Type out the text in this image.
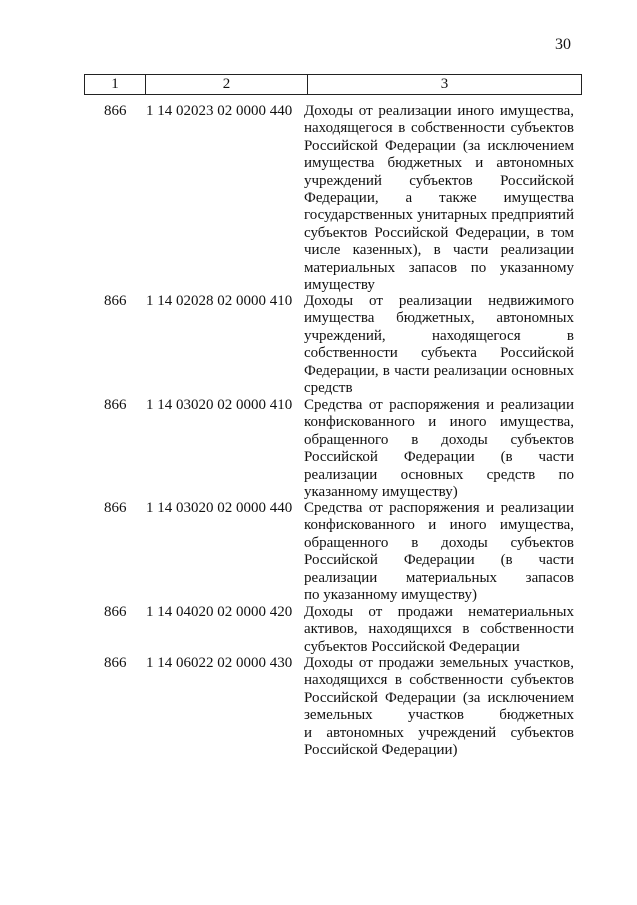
30
1	2	3
866	1 14 02023 02 0000 440 Доходы от реализации иного имущества,
находящегося в собственности субъектов
Российской Федерации (за исключением
имущества бюджетных и автономных
учреждений субъектов Российской
Федерации, а также имущества
государственных унитарных предприятий
субъектов Российской Федерации, в том
числе казенных), в части реализации
материальных запасов по указанному
имуществу
866	1 14 02028 02 0000 410 Доходы от реализации недвижимого
имущества бюджетных, автономных
учреждений, находящегося в
собственности субъекта Российской
Федерации, в части реализации основных
средств
866	1 14 03020 02 0000 410 Средства от распоряжения и реализации
конфискованного и иного имущества,
обращенного в доходы субъектов
Российской Федерации (в части
реализации основных средств по
указанному имуществу)
866	1 14 03020 02 0000 440 Средства от распоряжения и реализации
конфискованного и иного имущества,
обращенного в доходы субъектов
Российской Федерации (в части
реализации материальных запасов
по указанному имуществу)
866	1 14 04020 02 0000 420 Доходы от продажи нематериальных
активов, находящихся в собственности
субъектов Российской Федерации
866	1 14 06022 02 0000 430 Доходы от продажи земельных участков,
находящихся в собственности субъектов
Российской Федерации (за исключением
земельных участков бюджетных
и автономных учреждений субъектов
Российской Федерации)
